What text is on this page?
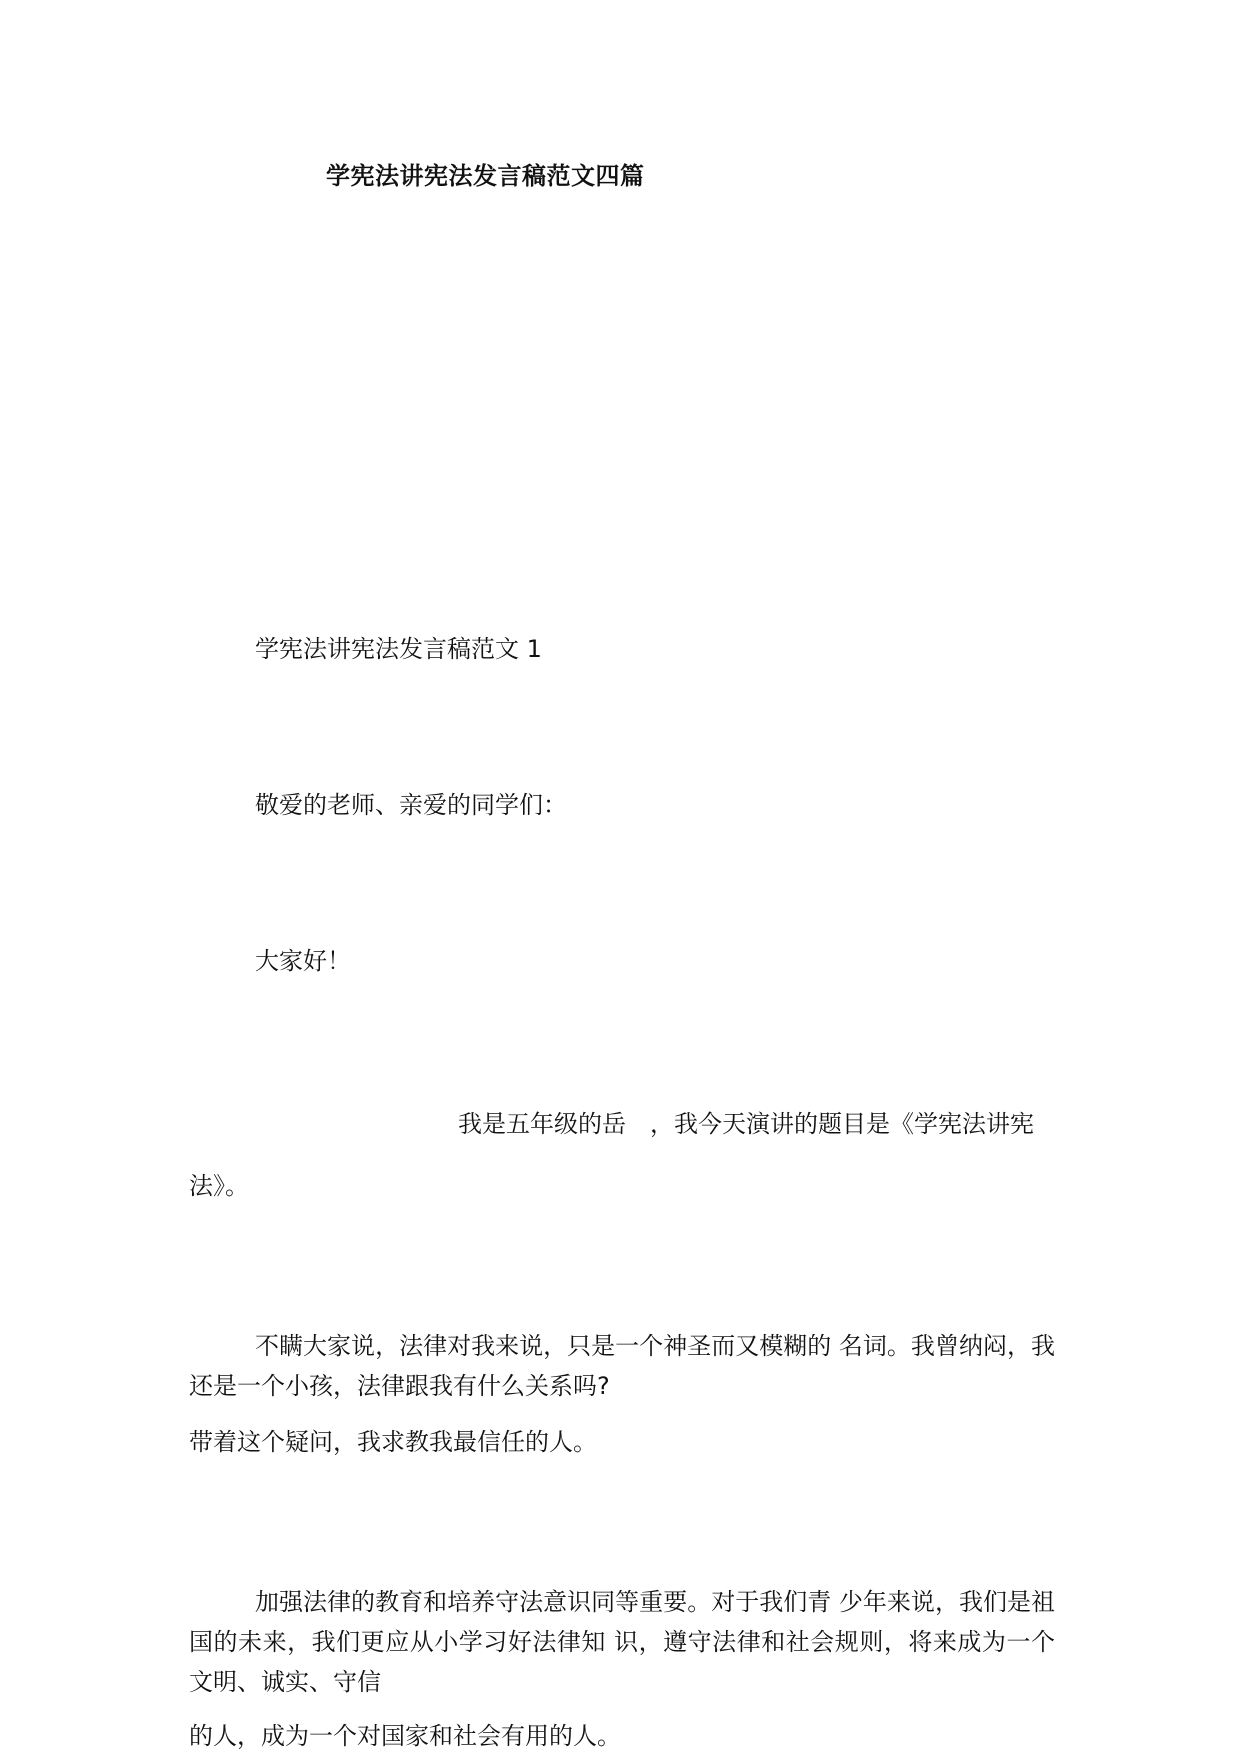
学宪法讲宪法发言稿范文四篇
学宪法讲宪法发言稿范文 1
敬爱的老师、亲爱的同学们：
大家好！
我是五年级的岳　，我今天演讲的题目是《学宪法讲宪
法》。
不瞒大家说，法律对我来说，只是一个神圣而又模糊的 名词。我曾纳闷，我还是一个小孩，法律跟我有什么关系吗?
带着这个疑问，我求教我最信任的人。
加强法律的教育和培养守法意识同等重要。对于我们青 少年来说，我们是祖国的未来，我们更应从小学习好法律知 识，遵守法律和社会规则，将来成为一个文明、诚实、守信
的人，成为一个对国家和社会有用的人。
